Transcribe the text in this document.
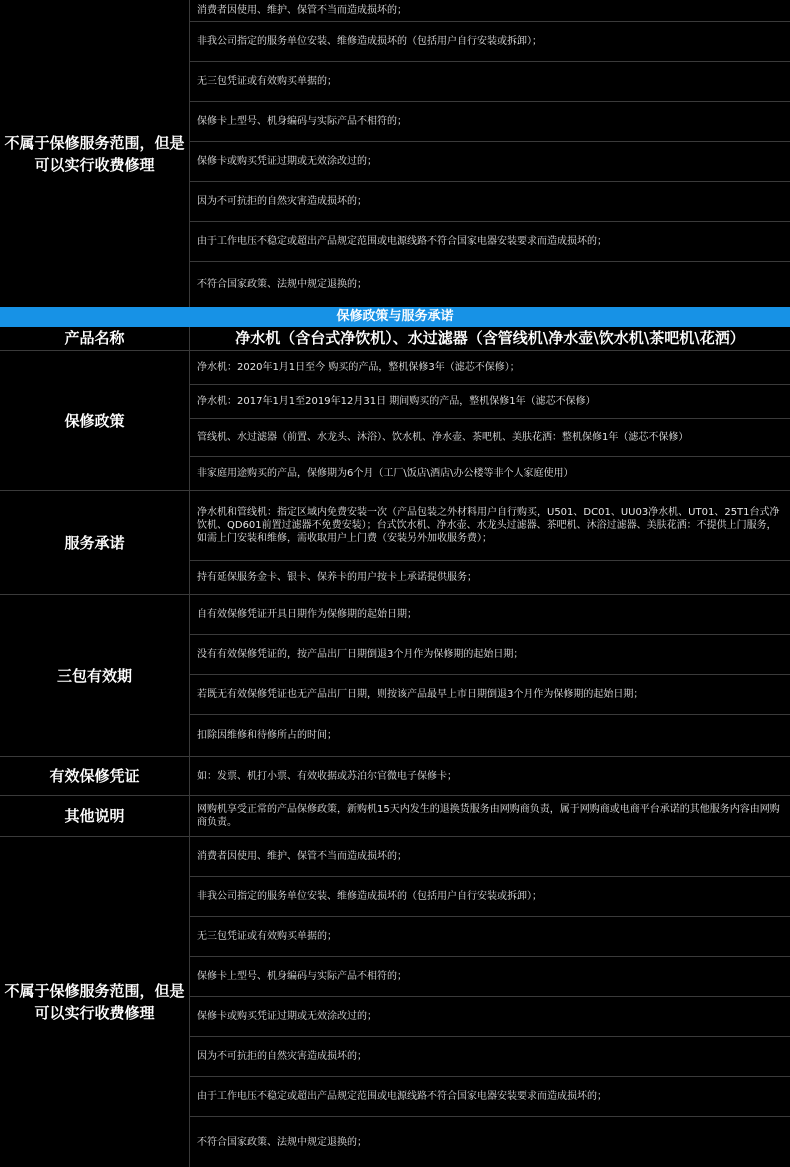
不属于保修服务范围，但是可以实行收费修理
消费者因使用、维护、保管不当而造成损坏的；
非我公司指定的服务单位安装、维修造成损坏的（包括用户自行安装或拆卸）；
无三包凭证或有效购买单据的；
保修卡上型号、机身编码与实际产品不相符的；
保修卡或购买凭证过期或无效涂改过的；
因为不可抗拒的自然灾害造成损坏的；
由于工作电压不稳定或超出产品规定范围或电源线路不符合国家电器安装要求而造成损坏的；
不符合国家政策、法规中规定退换的；
保修政策与服务承诺
产品名称	净水机（含台式净饮机）、水过滤器（含管线机\净水壶\饮水机\茶吧机\花洒）
保修政策
净水机：2020年1月1日至今 购买的产品，整机保修3年（滤芯不保修）；
净水机：2017年1月1至2019年12月31日 期间购买的产品，整机保修1年（滤芯不保修）
管线机、水过滤器（前置、水龙头、沐浴）、饮水机、净水壶、茶吧机、美肤花洒：整机保修1年（滤芯不保修）
非家庭用途购买的产品，保修期为6个月（工厂\饭店\酒店\办公楼等非个人家庭使用）
服务承诺
净水机和管线机：指定区域内免费安装一次（产品包装之外材料用户自行购买，U501、DC01、UU03净水机、UT01、25T1台式净饮机、QD601前置过滤器不免费安装）；台式饮水机、净水壶、水龙头过滤器、茶吧机、沐浴过滤器、美肤花洒：不提供上门服务，如需上门安装和维修，需收取用户上门费（安装另外加收服务费）；
持有延保服务金卡、银卡、保养卡的用户按卡上承诺提供服务；
三包有效期
自有效保修凭证开具日期作为保修期的起始日期；
没有有效保修凭证的，按产品出厂日期倒退3个月作为保修期的起始日期；
若既无有效保修凭证也无产品出厂日期，则按该产品最早上市日期倒退3个月作为保修期的起始日期；
扣除因维修和待修所占的时间；
有效保修凭证	如：发票、机打小票、有效收据或苏泊尔官微电子保修卡；
其他说明	网购机享受正常的产品保修政策，新购机15天内发生的退换货服务由网购商负责，属于网购商或电商平台承诺的其他服务内容由网购商负责。
不属于保修服务范围，但是可以实行收费修理
消费者因使用、维护、保管不当而造成损坏的；
非我公司指定的服务单位安装、维修造成损坏的（包括用户自行安装或拆卸）；
无三包凭证或有效购买单据的；
保修卡上型号、机身编码与实际产品不相符的；
保修卡或购买凭证过期或无效涂改过的；
因为不可抗拒的自然灾害造成损坏的；
由于工作电压不稳定或超出产品规定范围或电源线路不符合国家电器安装要求而造成损坏的；
不符合国家政策、法规中规定退换的；
